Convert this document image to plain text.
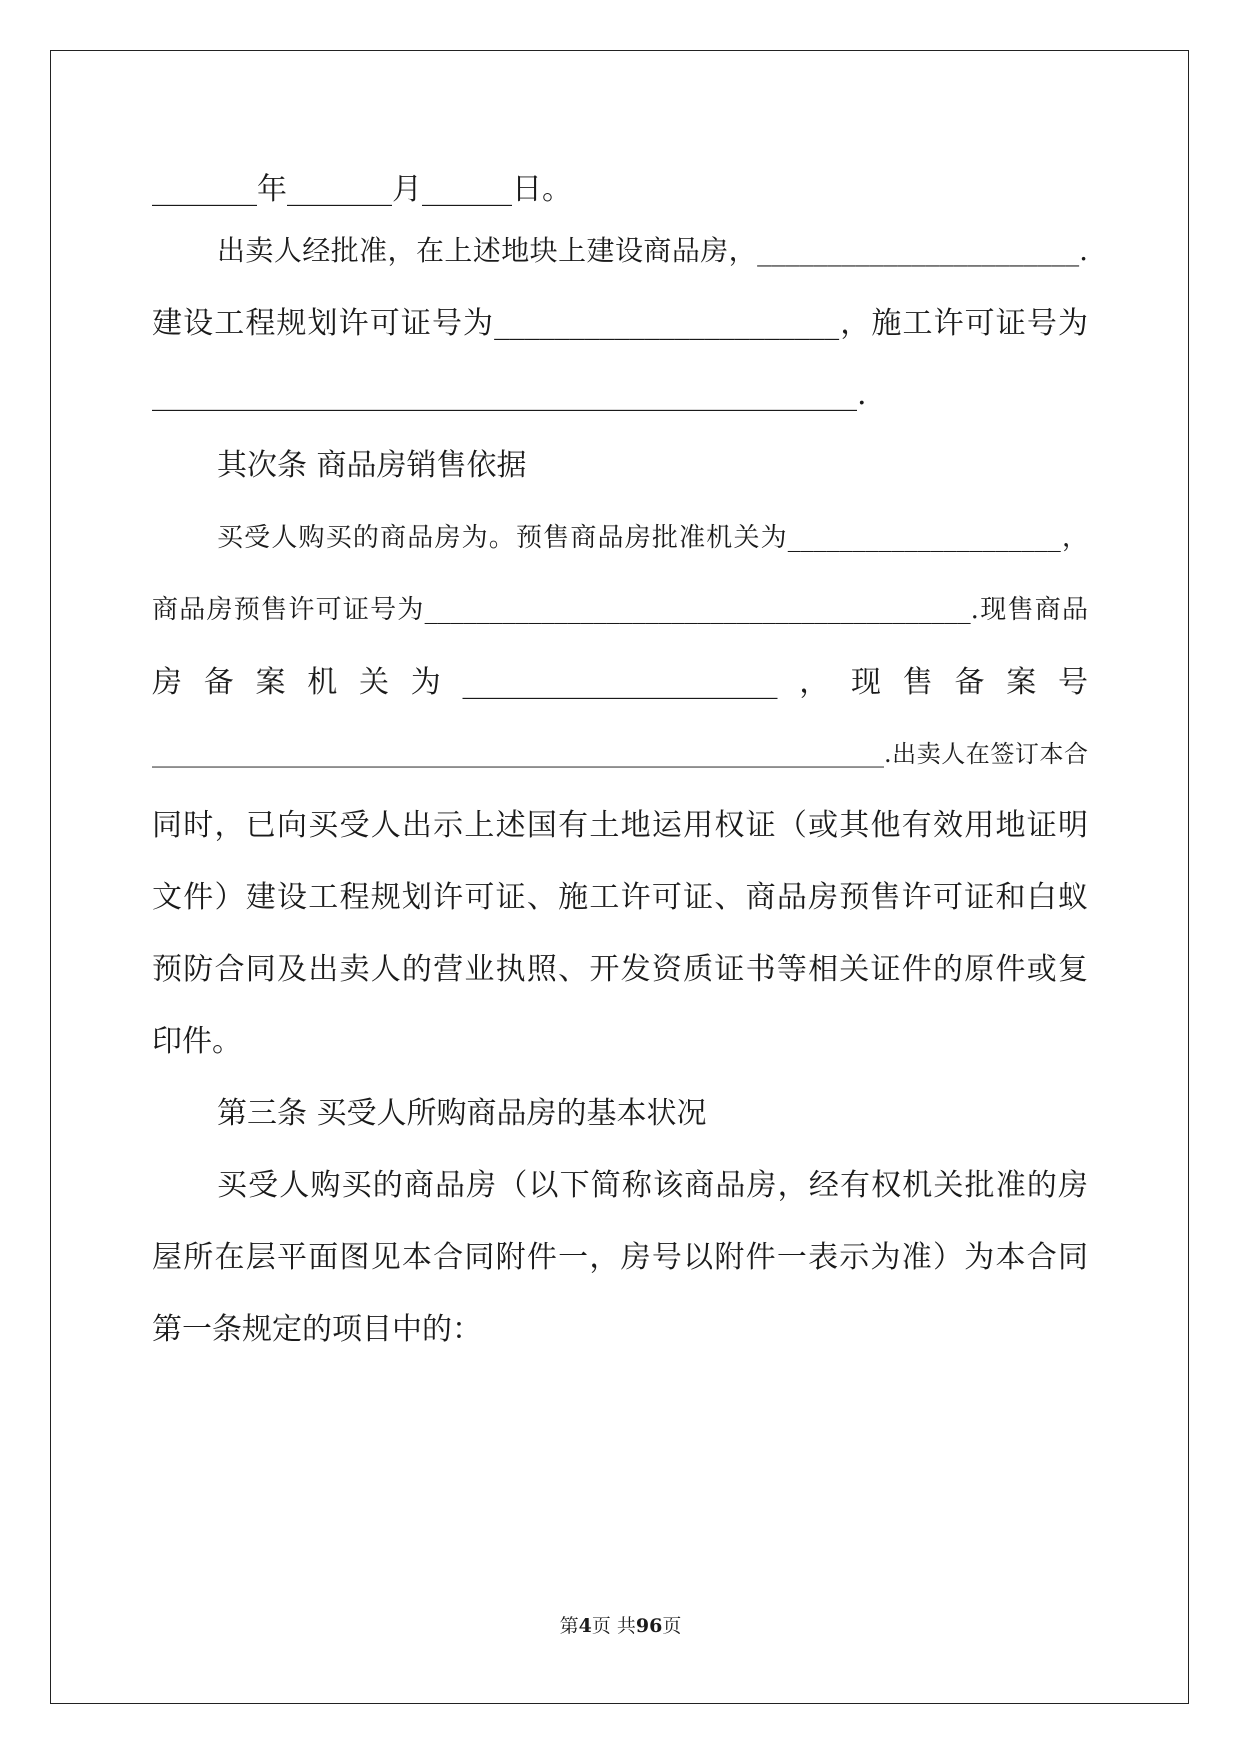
_______年_______月______日。
出卖人经批准，在上述地块上建设商品房，_______________________.
建设工程规划许可证号为_______________________，施工许可证号为
_______________________________________________.
其次条 商品房销售依据
买受人购买的商品房为。预售商品房批准机关为_____________________，
商品房预售许可证号为__________________________________________.现售商品
房备案机关为_____________________，现售备案号
_____________________________________________________________.出卖人在签订本合
同时，已向买受人出示上述国有土地运用权证（或其他有效用地证明
文件）建设工程规划许可证、施工许可证、商品房预售许可证和白蚁
预防合同及出卖人的营业执照、开发资质证书等相关证件的原件或复
印件。
第三条 买受人所购商品房的基本状况
买受人购买的商品房（以下简称该商品房，经有权机关批准的房
屋所在层平面图见本合同附件一，房号以附件一表示为准）为本合同
第一条规定的项目中的：
第4页 共96页
